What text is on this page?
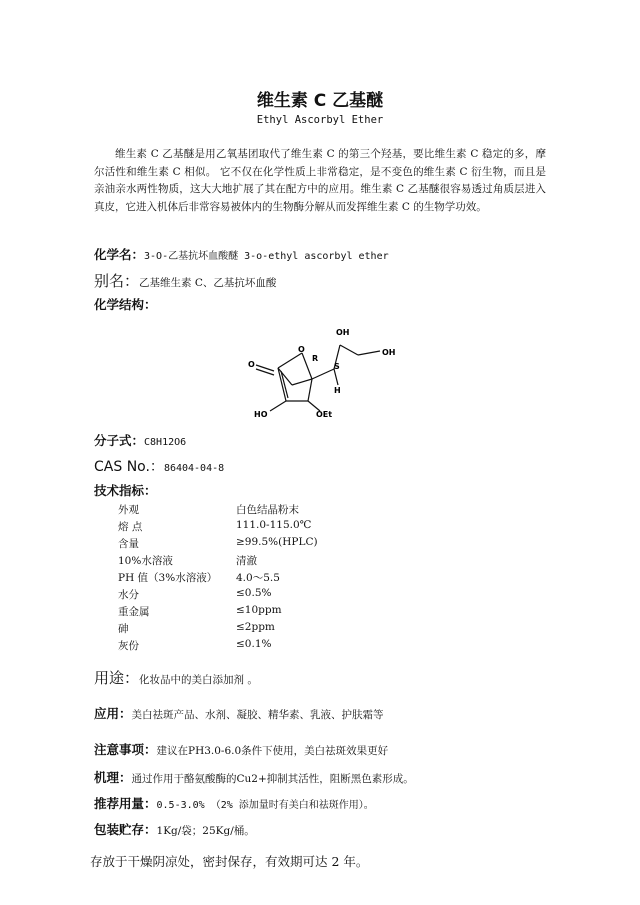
维生素 C 乙基醚
Ethyl Ascorbyl Ether
维生素 C 乙基醚是用乙氧基团取代了维生素 C 的第三个羟基，要比维生素 C 稳定的多，摩尔活性和维生素 C 相似。 它不仅在化学性质上非常稳定，是不变色的维生素 C 衍生物，而且是亲油亲水两性物质，这大大地扩展了其在配方中的应用。维生素 C 乙基醚很容易透过角质层进入真皮，它进入机体后非常容易被体内的生物酶分解从而发挥维生素 C 的生物学功效。
化学名：3-O-乙基抗坏血酸醚 3-o-ethyl ascorbyl ether
别名：乙基维生素 C、乙基抗坏血酸
化学结构：
O
O
R
S
OH
OH
H
HO	OEt
分子式：C8H12O6
CAS No.：86404-04-8
技术指标：
外观	白色结晶粉末
熔 点	111.0-115.0℃
含量	≥99.5%(HPLC)
10%水溶液	清澈
PH 值（3%水溶液） 4.0～5.5
水分	≤0.5%
重金属	≤10ppm
砷	≤2ppm
灰份	≤0.1%
用途：化妆品中的美白添加剂 。
应用：美白祛斑产品、水剂、凝胶、精华素、乳液、护肤霜等
注意事项：建议在PH3.0-6.0条件下使用，美白祛斑效果更好
机理：通过作用于酪氨酸酶的Cu2+抑制其活性，阻断黑色素形成。
推荐用量：0.5-3.0% （2% 添加量时有美白和祛斑作用）。
包装贮存：1Kg/袋；25Kg/桶。
存放于干燥阴凉处，密封保存，有效期可达 2 年。
